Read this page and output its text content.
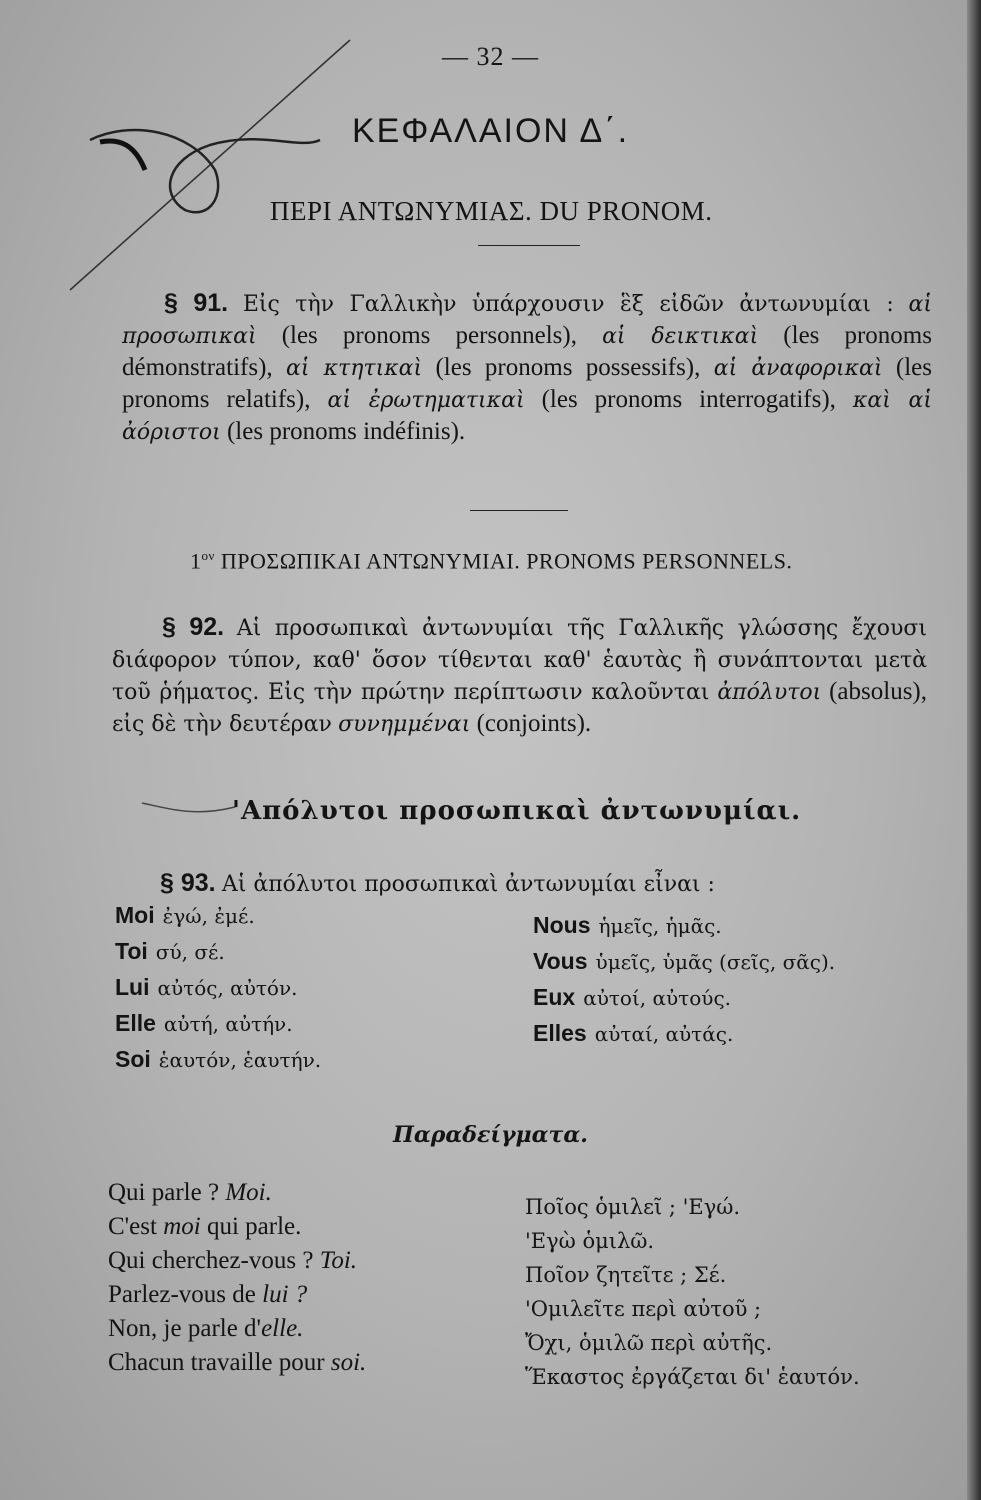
— 32 —
ΚΕΦΑΛΑΙΟΝ Δ΄.
ΠΕΡΙ ΑΝΤΩΝΥΜΙΑΣ. DU PRONOM.

§ 91. Εἰς τὴν Γαλλικὴν ὑπάρχουσιν ἓξ εἰδῶν ἀντωνυμίαι : αἱ προσωπικαὶ (les pronoms personnels), αἱ δεικτικαὶ (les pronoms démonstratifs), αἱ κτητικαὶ (les pronoms possessifs), αἱ ἀναφορικαὶ (les pronoms relatifs), αἱ ἐρωτηματικαὶ (les pronoms interrogatifs), καὶ αἱ ἀόριστοι (les pronoms indéfinis).

$1^{o\nu}$ ΠΡΟΣΩΠΙΚΑΙ ΑΝΤΩΝΥΜΙΑΙ. PRONOMS PERSONNELS.

§ 92. Αἱ προσωπικαὶ ἀντωνυμίαι τῆς Γαλλικῆς γλώσσης ἔχουσι διάφορον τύπον, καθ' ὅσον τίθενται καθ' ἑαυτὰς ἢ συνάπτονται μετὰ τοῦ ῥήματος. Εἰς τὴν πρώτην περίπτωσιν καλοῦνται ἀπόλυτοι (absolus), εἰς δὲ τὴν δευτέραν συνημμέναι (conjoints).

'Απόλυτοι προσωπικαὶ ἀντωνυμίαι.
§ 93. Αἱ ἀπόλυτοι προσωπικαὶ ἀντωνυμίαι εἶναι :
Moi ἐγώ, ἐμέ.
Toi σύ, σέ.
Lui αὐτός, αὐτόν.
Elle αὐτή, αὐτήν.
Soi ἑαυτόν, ἑαυτήν.
Nous ἡμεῖς, ἡμᾶς.
Vous ὑμεῖς, ὑμᾶς (σεῖς, σᾶς).
Eux αὐτοί, αὐτούς.
Elles αὐταί, αὐτάς.
Παραδείγματα.
Qui parle ? Moi.
C'est moi qui parle.
Qui cherchez-vous ? Toi.
Parlez-vous de lui ?
Non, je parle d'elle.
Chacun travaille pour soi.
Ποῖος ὁμιλεῖ ; 'Εγώ.
'Εγὼ ὁμιλῶ.
Ποῖον ζητεῖτε ; Σέ.
'Ομιλεῖτε περὶ αὐτοῦ ;
Ὄχι, ὁμιλῶ περὶ αὐτῆς.
Ἕκαστος ἐργάζεται δι' ἑαυτόν.
